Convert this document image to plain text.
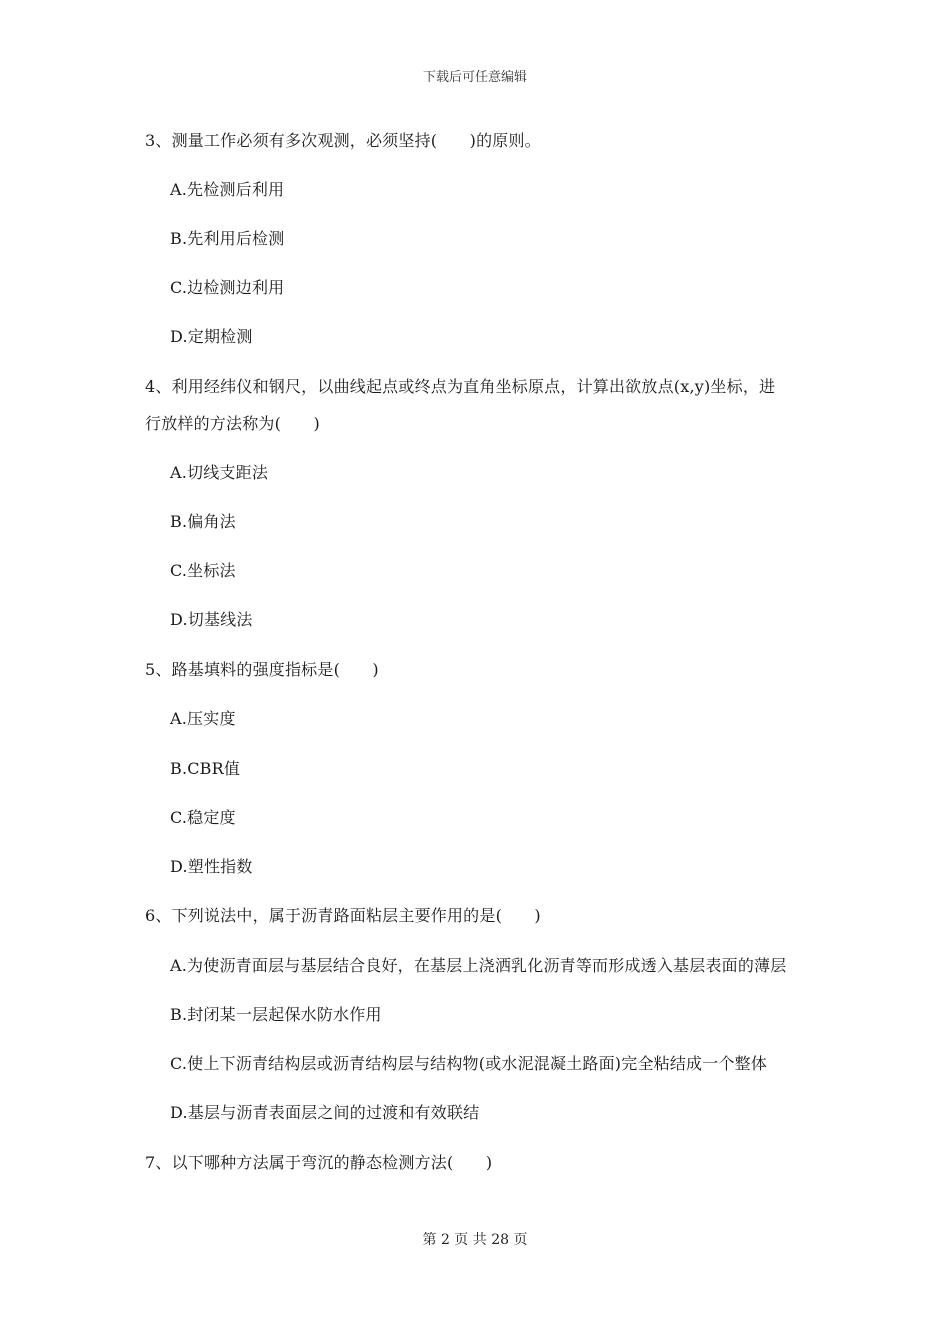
下载后可任意编辑
3、测量工作必须有多次观测，必须坚持(　　)的原则。
A.先检测后利用
B.先利用后检测
C.边检测边利用
D.定期检测
4、利用经纬仪和钢尺，以曲线起点或终点为直角坐标原点，计算出欲放点(x,y)坐标，进
行放样的方法称为(　　)
A.切线支距法
B.偏角法
C.坐标法
D.切基线法
5、路基填料的强度指标是(　　)
A.压实度
B.CBR值
C.稳定度
D.塑性指数
6、下列说法中，属于沥青路面粘层主要作用的是(　　)
A.为使沥青面层与基层结合良好，在基层上浇洒乳化沥青等而形成透入基层表面的薄层
B.封闭某一层起保水防水作用
C.使上下沥青结构层或沥青结构层与结构物(或水泥混凝土路面)完全粘结成一个整体
D.基层与沥青表面层之间的过渡和有效联结
7、以下哪种方法属于弯沉的静态检测方法(　　)
第 2 页 共 28 页
